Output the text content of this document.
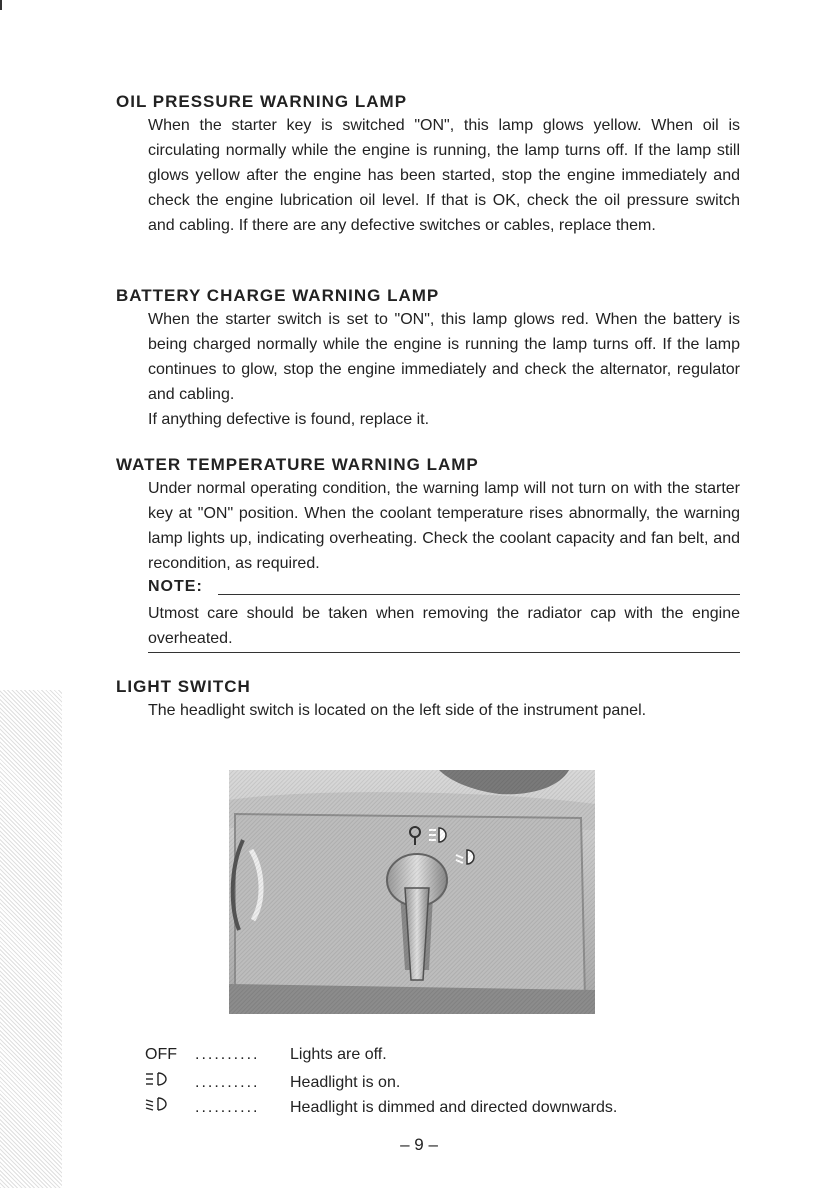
OIL PRESSURE WARNING LAMP

When the starter key is switched "ON", this lamp glows yellow. When oil is circulating normally while the engine is running, the lamp turns off. If the lamp still glows yellow after the engine has been started, stop the engine immediately and check the engine lubrication oil level. If that is OK, check the oil pressure switch and cabling. If there are any defective switches or cables, replace them.

BATTERY CHARGE WARNING LAMP

When the starter switch is set to "ON", this lamp glows red. When the battery is being charged normally while the engine is running the lamp turns off. If the lamp continues to glow, stop the engine immediately and check the alternator, regulator and cabling.

If anything defective is found, replace it.

WATER TEMPERATURE WARNING LAMP

Under normal operating condition, the warning lamp will not turn on with the starter key at "ON" position. When the coolant temperature rises abnormally, the warning lamp lights up, indicating overheating. Check the coolant capacity and fan belt, and recondition, as required.

NOTE:

Utmost care should be taken when removing the radiator cap with the engine overheated.

LIGHT SWITCH

The headlight switch is located on the left side of the instrument panel.

OFF .......... Lights are off.
.......... Headlight is on.
.......... Headlight is dimmed and directed downwards.
– 9 –
